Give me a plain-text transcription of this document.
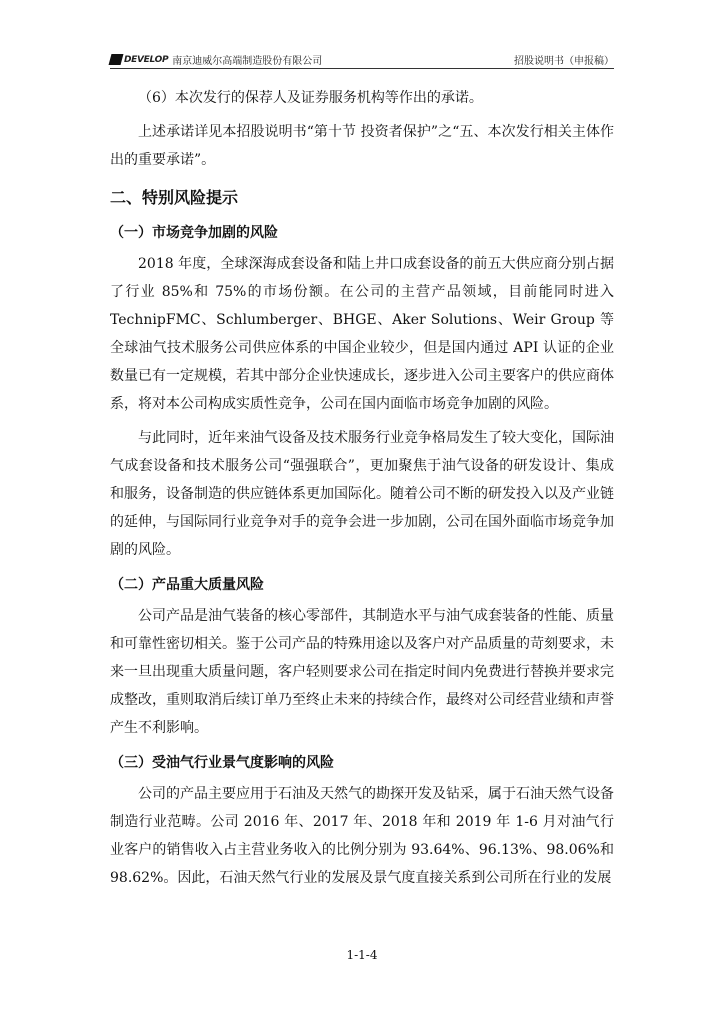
DEVELOP 南京迪威尔高端制造股份有限公司	招股说明书（申报稿）

（6）本次发行的保荐人及证券服务机构等作出的承诺。

上述承诺详见本招股说明书“第十节 投资者保护”之“五、本次发行相关主体作出的重要承诺”。

二、特别风险提示
（一）市场竞争加剧的风险

2018 年度，全球深海成套设备和陆上井口成套设备的前五大供应商分别占据了行业 85%和 75%的市场份额。在公司的主营产品领域，目前能同时进入TechnipFMC、Schlumberger、BHGE、Aker Solutions、Weir Group 等全球油气技术服务公司供应体系的中国企业较少，但是国内通过 API 认证的企业数量已有一定规模，若其中部分企业快速成长，逐步进入公司主要客户的供应商体系，将对本公司构成实质性竞争，公司在国内面临市场竞争加剧的风险。

与此同时，近年来油气设备及技术服务行业竞争格局发生了较大变化，国际油气成套设备和技术服务公司“强强联合”，更加聚焦于油气设备的研发设计、集成和服务，设备制造的供应链体系更加国际化。随着公司不断的研发投入以及产业链的延伸，与国际同行业竞争对手的竞争会进一步加剧，公司在国外面临市场竞争加剧的风险。

（二）产品重大质量风险

公司产品是油气装备的核心零部件，其制造水平与油气成套装备的性能、质量和可靠性密切相关。鉴于公司产品的特殊用途以及客户对产品质量的苛刻要求，未来一旦出现重大质量问题，客户轻则要求公司在指定时间内免费进行替换并要求完成整改，重则取消后续订单乃至终止未来的持续合作，最终对公司经营业绩和声誉产生不利影响。

（三）受油气行业景气度影响的风险

公司的产品主要应用于石油及天然气的勘探开发及钻采，属于石油天然气设备制造行业范畴。公司 2016 年、2017 年、2018 年和 2019 年 1-6 月对油气行业客户的销售收入占主营业务收入的比例分别为 93.64%、96.13%、98.06%和98.62%。因此，石油天然气行业的发展及景气度直接关系到公司所在行业的发展

1-1-4
